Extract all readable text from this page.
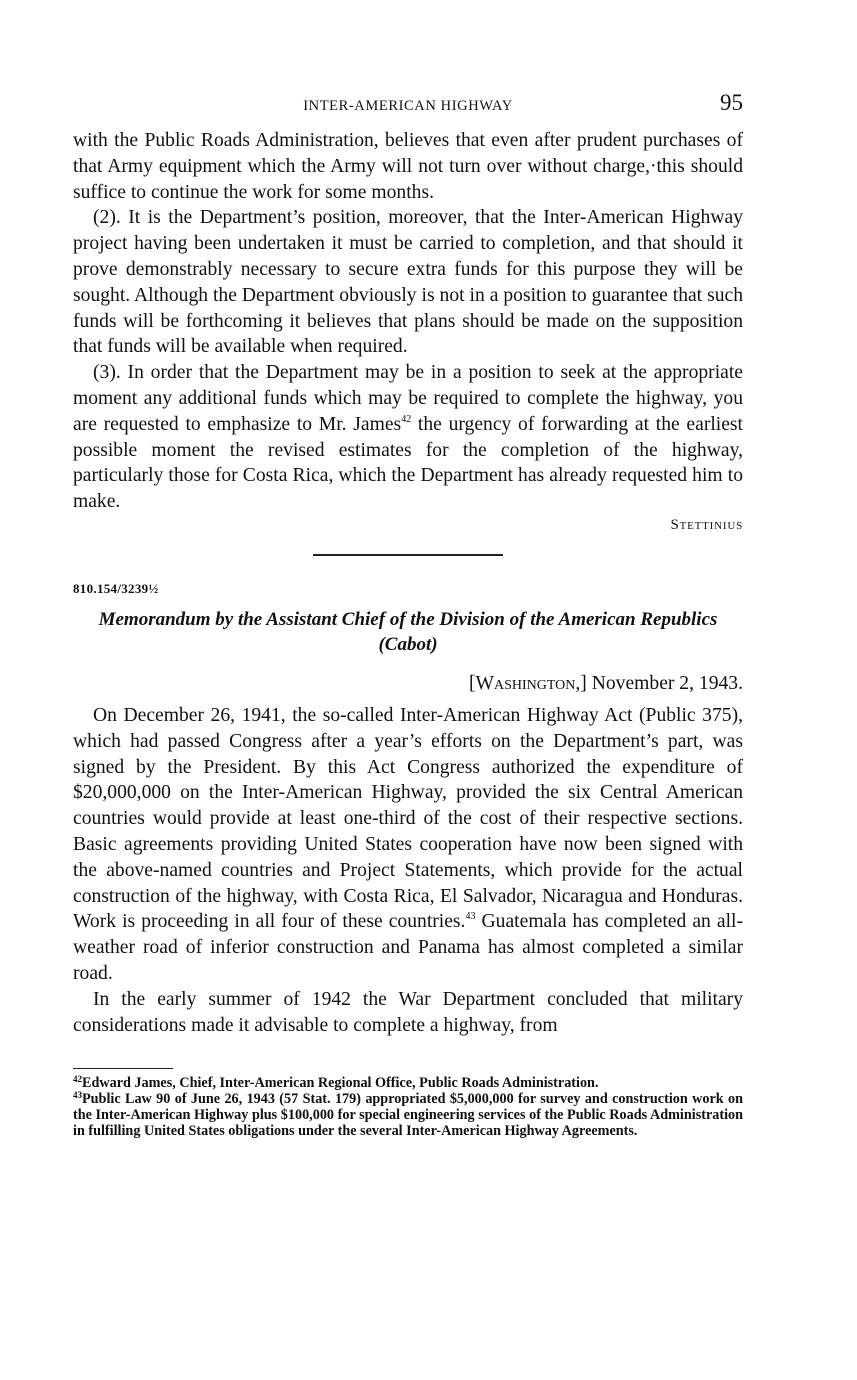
INTER-AMERICAN HIGHWAY	95

with the Public Roads Administration, believes that even after prudent purchases of that Army equipment which the Army will not turn over without charge,·this should suffice to continue the work for some months.

(2). It is the Department’s position, moreover, that the Inter-American Highway project having been undertaken it must be carried to completion, and that should it prove demonstrably necessary to secure extra funds for this purpose they will be sought. Although the Department obviously is not in a position to guarantee that such funds will be forthcoming it believes that plans should be made on the supposition that funds will be available when required.

(3). In order that the Department may be in a position to seek at the appropriate moment any additional funds which may be required to complete the highway, you are requested to emphasize to Mr. James$^{42}$ the urgency of forwarding at the earliest possible moment the revised estimates for the completion of the highway, particularly those for Costa Rica, which the Department has already requested him to make.

Stettinius
810.154/3239½
Memorandum by the Assistant Chief of the Division of the American Republics (Cabot)
[Washington,] November 2, 1943.

On December 26, 1941, the so-called Inter-American Highway Act (Public 375), which had passed Congress after a year’s efforts on the Department’s part, was signed by the President. By this Act Congress authorized the expenditure of $20,000,000 on the Inter-American Highway, provided the six Central American countries would provide at least one-third of the cost of their respective sections. Basic agreements providing United States cooperation have now been signed with the above-named countries and Project Statements, which provide for the actual construction of the highway, with Costa Rica, El Salvador, Nicaragua and Honduras. Work is proceeding in all four of these countries.$^{43}$ Guatemala has completed an all-weather road of inferior construction and Panama has almost completed a similar road.

In the early summer of 1942 the War Department concluded that military considerations made it advisable to complete a highway, from

$^{42}$Edward James, Chief, Inter-American Regional Office, Public Roads Administration.

$^{43}$Public Law 90 of June 26, 1943 (57 Stat. 179) appropriated $5,000,000 for survey and construction work on the Inter-American Highway plus $100,000 for special engineering services of the Public Roads Administration in fulfilling United States obligations under the several Inter-American Highway Agreements.
